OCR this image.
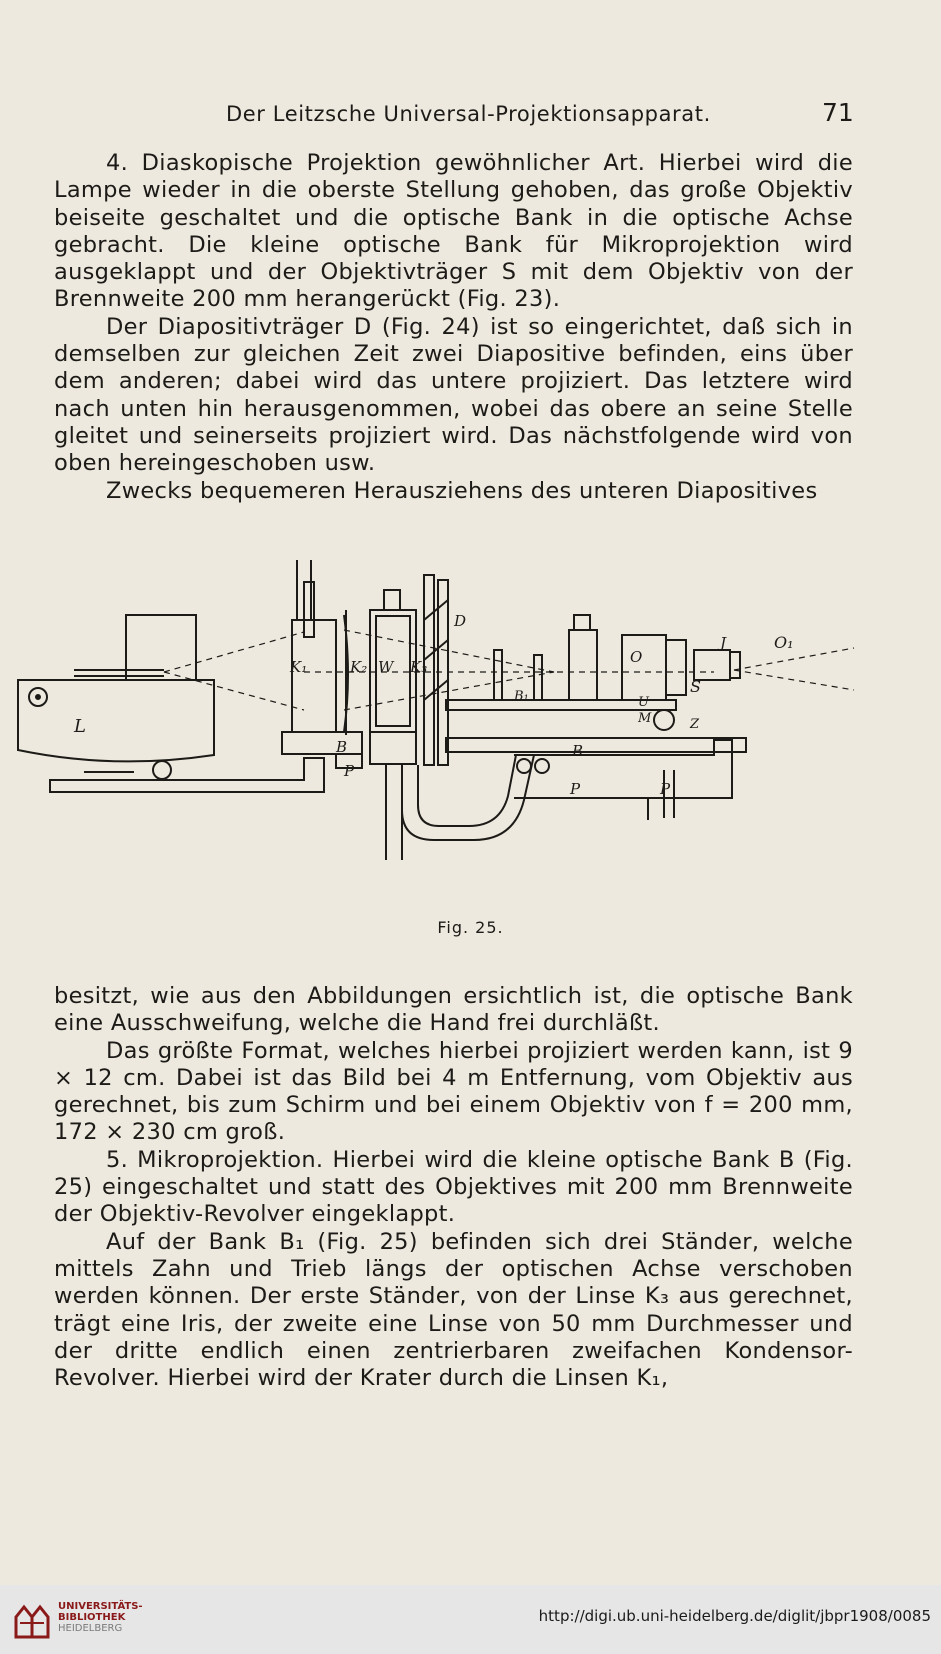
Der Leitzsche Universal-Projektionsapparat.	71

4. Diaskopische Projektion gewöhnlicher Art. Hierbei wird die Lampe wieder in die oberste Stellung gehoben, das große Objektiv beiseite geschaltet und die optische Bank in die optische Achse gebracht. Die kleine optische Bank für Mikroprojektion wird ausgeklappt und der Objektivträger S mit dem Objektiv von der Brennweite 200 mm herangerückt (Fig. 23).

Der Diapositivträger D (Fig. 24) ist so eingerichtet, daß sich in demselben zur gleichen Zeit zwei Diapositive befinden, eins über dem anderen; dabei wird das untere projiziert. Das letztere wird nach unten hin herausgenommen, wobei das obere an seine Stelle gleitet und seinerseits projiziert wird. Das nächstfolgende wird von oben hereingeschoben usw.

Zwecks bequemeren Herausziehens des unteren Diapositives

L
K₁	K₂ W K₃
D
B
P
B₁
B
P	P
U
M	Z
S
O
J	O₁
Fig. 25.

besitzt, wie aus den Abbildungen ersichtlich ist, die optische Bank eine Ausschweifung, welche die Hand frei durchläßt.

Das größte Format, welches hierbei projiziert werden kann, ist 9 × 12 cm. Dabei ist das Bild bei 4 m Entfernung, vom Objektiv aus gerechnet, bis zum Schirm und bei einem Objektiv von f = 200 mm, 172 × 230 cm groß.

5. Mikroprojektion. Hierbei wird die kleine optische Bank B (Fig. 25) eingeschaltet und statt des Objektives mit 200 mm Brennweite der Objektiv-Revolver eingeklappt.

Auf der Bank B₁ (Fig. 25) befinden sich drei Ständer, welche mittels Zahn und Trieb längs der optischen Achse verschoben werden können. Der erste Ständer, von der Linse K₃ aus gerechnet, trägt eine Iris, der zweite eine Linse von 50 mm Durchmesser und der dritte endlich einen zentrierbaren zweifachen Kondensor-Revolver. Hierbei wird der Krater durch die Linsen K₁,

UNIVERSITÄTS-
BIBLIOTHEK
HEIDELBERG
http://digi.ub.uni-heidelberg.de/diglit/jbpr1908/0085
